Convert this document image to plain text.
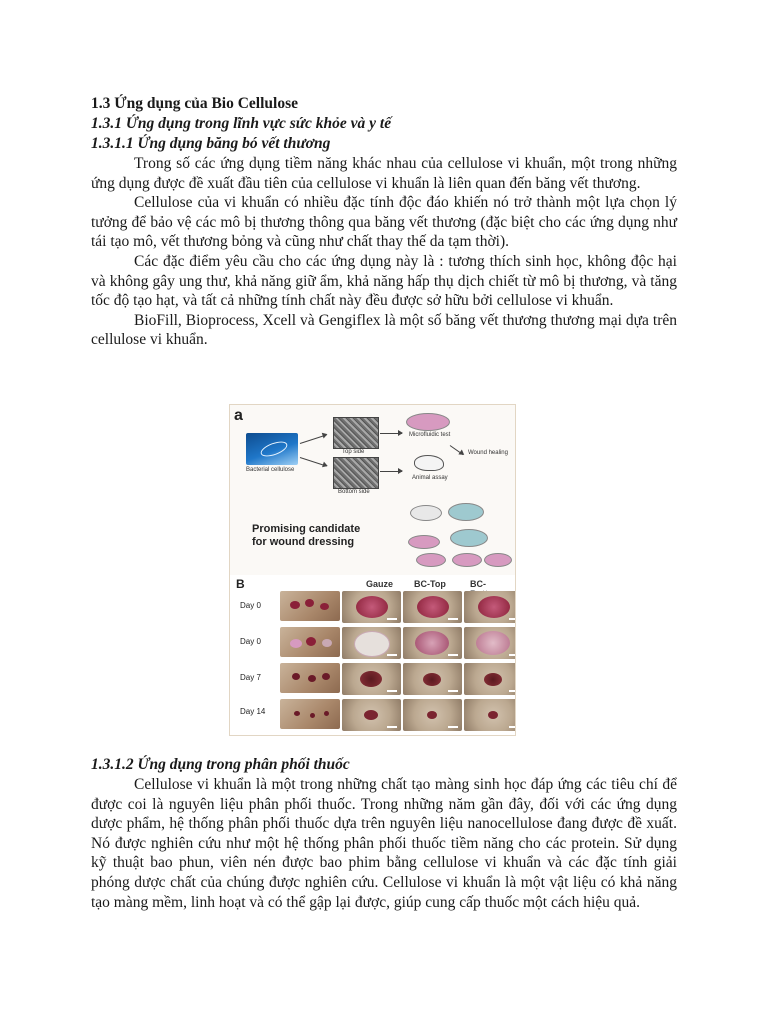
1.3 Ứng dụng của Bio Cellulose

1.3.1 Ứng dụng trong lĩnh vực sức khỏe và y tế

1.3.1.1 Ứng dụng băng bó vết thương

Trong số các ứng dụng tiềm năng khác nhau của cellulose vi khuẩn, một trong những ứng dụng được đề xuất đầu tiên của cellulose vi khuẩn là liên quan đến băng vết thương.

Cellulose của vi khuẩn có nhiều đặc tính độc đáo khiến nó trở thành một lựa chọn lý tưởng để bảo vệ các mô bị thương thông qua băng vết thương (đặc biệt cho các ứng dụng như tái tạo mô, vết thương bỏng và cũng như chất thay thế da tạm thời).

Các đặc điểm yêu cầu cho các ứng dụng này là : tương thích sinh học, không độc hại và không gây ung thư, khả năng giữ ẩm, khả năng hấp thụ dịch chiết từ mô bị thương, và tăng tốc độ tạo hạt, và tất cả những tính chất này đều được sở hữu bởi cellulose vi khuẩn.

BioFill, Bioprocess, Xcell và Gengiflex là một số băng vết thương thương mại dựa trên cellulose vi khuẩn.

a
Bacterial cellulose
Top side
Bottom side
Microfluidic test
Animal assay
Wound healing
Promising candidate
for wound dressing
B	Gauze BC-Top	BC-
Day 0
Day 0
Day 7
Day 14

1.3.1.2 Ứng dụng trong phân phối thuốc

Cellulose vi khuẩn là một trong những chất tạo màng sinh học đáp ứng các tiêu chí để được coi là nguyên liệu phân phối thuốc. Trong những năm gần đây, đối với các ứng dụng dược phẩm, hệ thống phân phối thuốc dựa trên nguyên liệu nanocellulose đang được đề xuất. Nó được nghiên cứu như một hệ thống phân phối thuốc tiềm năng cho các protein. Sử dụng kỹ thuật bao phun, viên nén được bao phim bằng cellulose vi khuẩn và các đặc tính giải phóng dược chất của chúng được nghiên cứu. Cellulose vi khuẩn là một vật liệu có khả năng tạo màng mềm, linh hoạt và có thể gập lại được, giúp cung cấp thuốc một cách hiệu quả.
